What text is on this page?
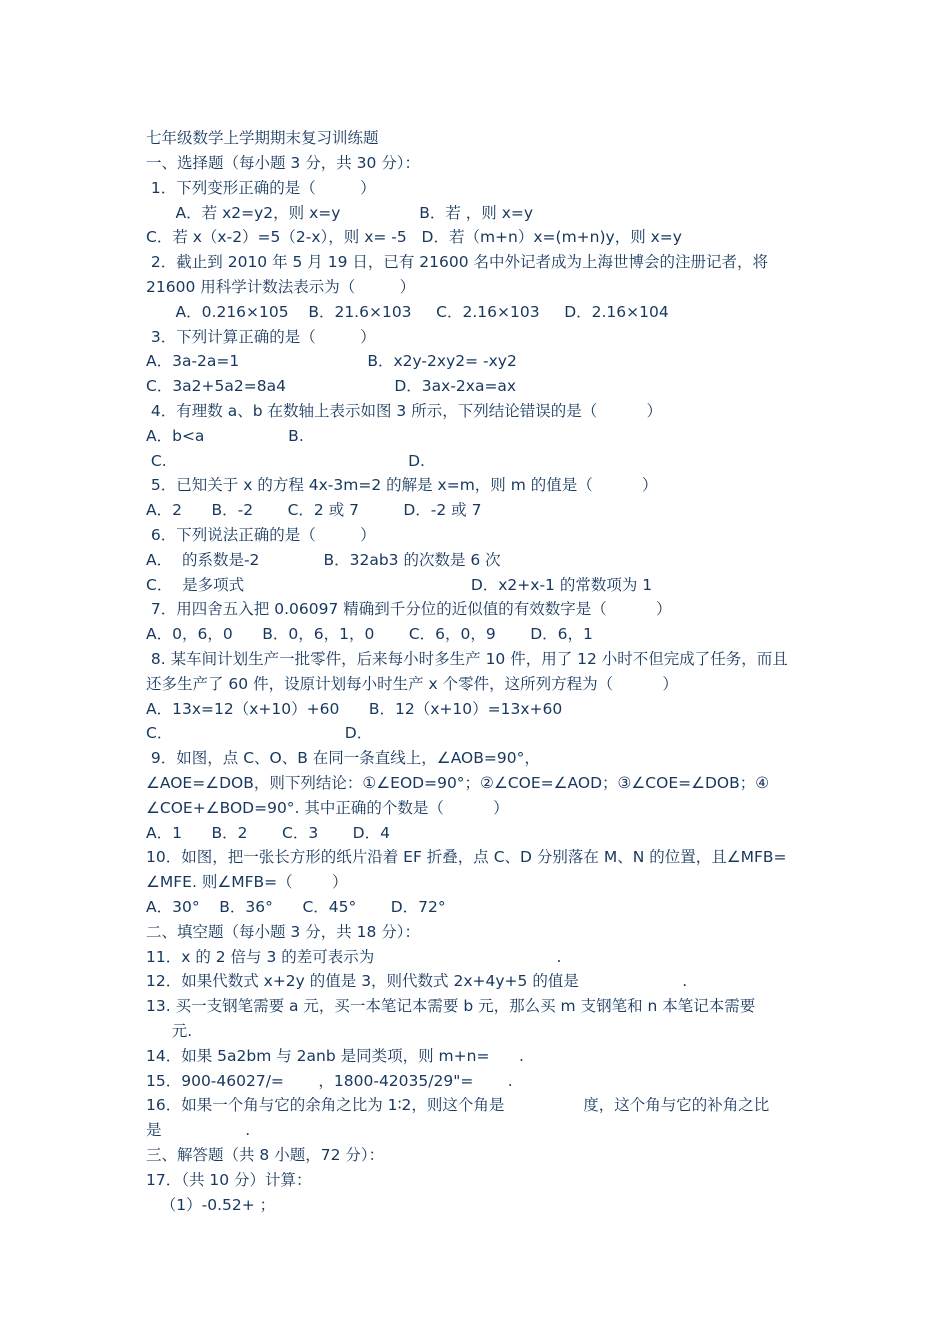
七年级数学上学期期末复习训练题
一、选择题（每小题 3 分，共 30 分）：
1．下列变形正确的是（         ）
A．若 x2=y2，则 x=y                B．若 ，则 x=y
C．若 x（x-2）=5（2-x），则 x= -5   D．若（m+n）x=(m+n)y，则 x=y
2．截止到 2010 年 5 月 19 日，已有 21600 名中外记者成为上海世博会的注册记者，将
21600 用科学计数法表示为（         ）
A．0.216×105    B．21.6×103     C．2.16×103     D．2.16×104
3．下列计算正确的是（         ）
A．3a-2a=1                          B．x2y-2xy2= -xy2
C．3a2+5a2=8a4                      D．3ax-2xa=ax
4．有理数 a、b 在数轴上表示如图 3 所示，下列结论错误的是（          ）
A．b<a                 B.
C.                                                 D.
5．已知关于 x 的方程 4x-3m=2 的解是 x=m，则 m 的值是（          ）
A．2      B．-2       C．2 或 7         D．-2 或 7
6．下列说法正确的是（         ）
A．  的系数是-2             B．32ab3 的次数是 6 次
C．  是多项式                                              D．x2+x-1 的常数项为 1
7．用四舍五入把 0.06097 精确到千分位的近似值的有效数字是（          ）
A．0，6，0      B．0，6，1，0       C．6，0，9       D．6，1
8. 某车间计划生产一批零件，后来每小时多生产 10 件，用了 12 小时不但完成了任务，而且
还多生产了 60 件，设原计划每小时生产 x 个零件，这所列方程为（          ）
A．13x=12（x+10）+60      B．12（x+10）=13x+60
C．                                   D．
9．如图，点 C、O、B 在同一条直线上，∠AOB=90°，
∠AOE=∠DOB，则下列结论：①∠EOD=90°；②∠COE=∠AOD；③∠COE=∠DOB；④
∠COE+∠BOD=90°. 其中正确的个数是（          ）
A．1      B．2       C．3       D．4
10．如图，把一张长方形的纸片沿着 EF 折叠，点 C、D 分别落在 M、N 的位置，且∠MFB=
∠MFE. 则∠MFB=（        ）
A．30°    B．36°      C．45°       D．72°
二、填空题（每小题 3 分，共 18 分）：
11．x 的 2 倍与 3 的差可表示为                                     .
12．如果代数式 x+2y 的值是 3，则代数式 2x+4y+5 的值是                     .
13. 买一支钢笔需要 a 元，买一本笔记本需要 b 元，那么买 m 支钢笔和 n 本笔记本需要
元.
14．如果 5a2bm 与 2anb 是同类项，则 m+n=      .
15．900-46027/=       ，1800-42035/29"=       .
16．如果一个角与它的余角之比为 1∶2，则这个角是                度，这个角与它的补角之比
是                 .
三、解答题（共 8 小题，72 分）：
17．（共 10 分）计算：
（1）-0.52+ ；
